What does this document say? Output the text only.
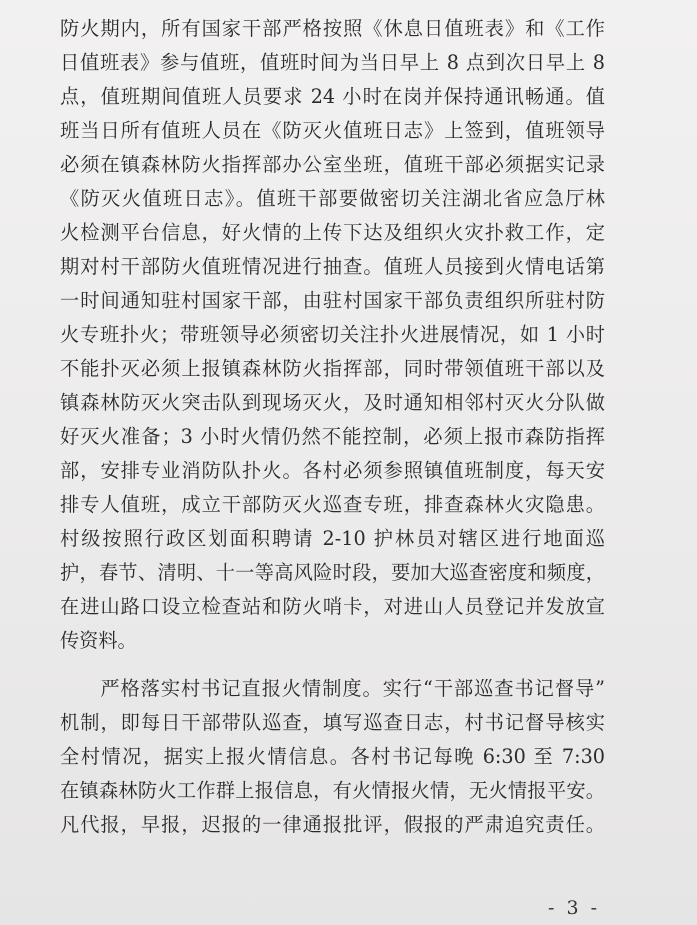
防火期内，所有国家干部严格按照《休息日值班表》和《工作
日值班表》参与值班，值班时间为当日早上 8 点到次日早上 8
点，值班期间值班人员要求 24 小时在岗并保持通讯畅通。值
班当日所有值班人员在《防灭火值班日志》上签到，值班领导
必须在镇森林防火指挥部办公室坐班，值班干部必须据实记录
《防灭火值班日志》。值班干部要做密切关注湖北省应急厅林
火检测平台信息，好火情的上传下达及组织火灾扑救工作，定
期对村干部防火值班情况进行抽查。值班人员接到火情电话第
一时间通知驻村国家干部，由驻村国家干部负责组织所驻村防
火专班扑火；带班领导必须密切关注扑火进展情况，如 1 小时
不能扑灭必须上报镇森林防火指挥部，同时带领值班干部以及
镇森林防灭火突击队到现场灭火，及时通知相邻村灭火分队做
好灭火准备；3 小时火情仍然不能控制，必须上报市森防指挥
部，安排专业消防队扑火。各村必须参照镇值班制度，每天安
排专人值班，成立干部防灭火巡查专班，排查森林火灾隐患。
村级按照行政区划面积聘请 2-10 护林员对辖区进行地面巡
护，春节、清明、十一等高风险时段，要加大巡查密度和频度，
在进山路口设立检查站和防火哨卡，对进山人员登记并发放宣
传资料。
　　严格落实村书记直报火情制度。实行“干部巡查书记督导”
机制，即每日干部带队巡查，填写巡查日志，村书记督导核实
全村情况，据实上报火情信息。各村书记每晚 6:30 至 7:30
在镇森林防火工作群上报信息，有火情报火情，无火情报平安。
凡代报，早报，迟报的一律通报批评，假报的严肃追究责任。
- 3 -
